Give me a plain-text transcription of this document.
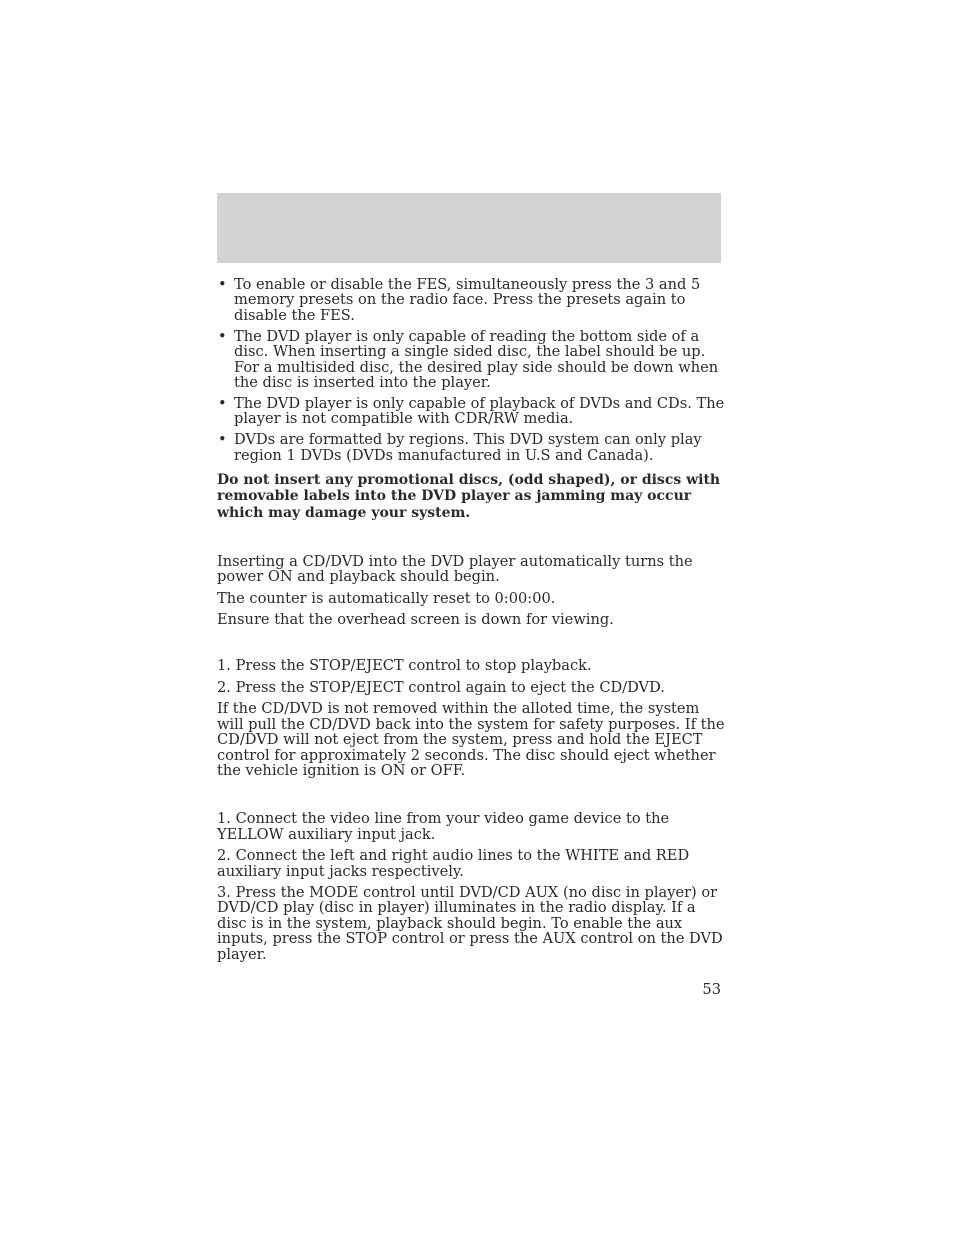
• To enable or disable the FES, simultaneously press the 3 and 5 memory presets on the radio face. Press the presets again to disable the FES.
• The DVD player is only capable of reading the bottom side of a disc. When inserting a single sided disc, the label should be up. For a multisided disc, the desired play side should be down when the disc is inserted into the player.
• The DVD player is only capable of playback of DVDs and CDs. The player is not compatible with CDR/RW media.
• DVDs are formatted by regions. This DVD system can only play region 1 DVDs (DVDs manufactured in U.S and Canada).
Do not insert any promotional discs, (odd shaped), or discs with removable labels into the DVD player as jamming may occur which may damage your system.

Inserting a CD/DVD into the DVD player automatically turns the power ON and playback should begin.

The counter is automatically reset to 0:00:00.

Ensure that the overhead screen is down for viewing.

1. Press the STOP/EJECT control to stop playback.

2. Press the STOP/EJECT control again to eject the CD/DVD.

If the CD/DVD is not removed within the alloted time, the system will pull the CD/DVD back into the system for safety purposes. If the CD/DVD will not eject from the system, press and hold the EJECT control for approximately 2 seconds. The disc should eject whether the vehicle ignition is ON or OFF.

1. Connect the video line from your video game device to the YELLOW auxiliary input jack.

2. Connect the left and right audio lines to the WHITE and RED auxiliary input jacks respectively.

3. Press the MODE control until DVD/CD AUX (no disc in player) or DVD/CD play (disc in player) illuminates in the radio display. If a disc is in the system, playback should begin. To enable the aux inputs, press the STOP control or press the AUX control on the DVD player.

53
